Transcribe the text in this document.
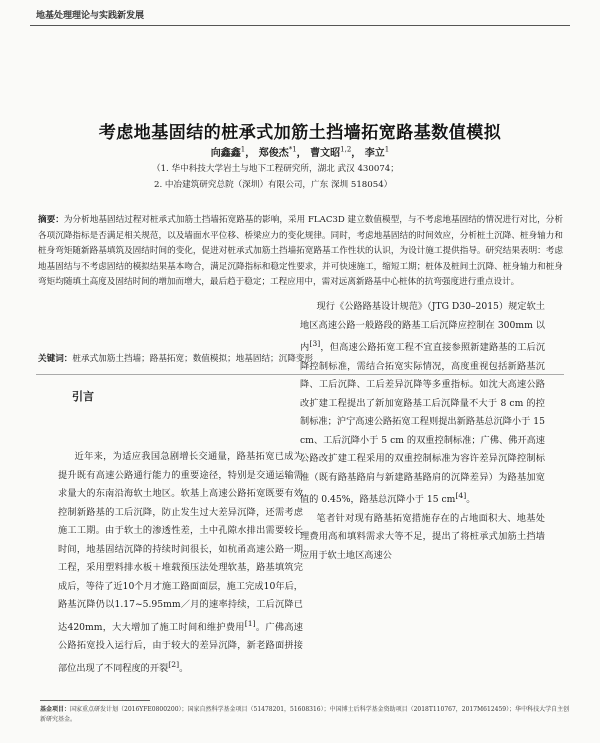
地基处理理论与实践新发展
考虑地基固结的桩承式加筋土挡墙拓宽路基数值模拟
向鑫鑫$^1$， 郑俊杰$^{*1}$， 曹文昭$^{1,2}$， 李立$^1$
（1. 华中科技大学岩土与地下工程研究所，湖北 武汉 430074；
2. 中冶建筑研究总院（深圳）有限公司，广东 深圳 518054）
摘要：为分析地基固结过程对桩承式加筋土挡墙拓宽路基的影响，采用 FLAC3D 建立数值模型，与不考虑地基固结的情况进行对比，分析各项沉降指标是否满足相关规范，以及墙面水平位移、桥梁应力的变化规律。同时，考虑地基固结的时间效应，分析桩土沉降、桩身轴力和桩身弯矩随新路基填筑及固结时间的变化，促进对桩承式加筋土挡墙拓宽路基工作性状的认识，为设计施工提供指导。研究结果表明：考虑地基固结与不考虑固结的模拟结果基本吻合，满足沉降指标和稳定性要求，并可快速施工，缩短工期；桩体及桩间土沉降、桩身轴力和桩身弯矩均随填土高度及固结时间的增加而增大，最后趋于稳定；工程应用中，需对远离新路基中心桩体的抗弯强度进行重点设计。
关键词：桩承式加筋土挡墙；路基拓宽；数值模拟；地基固结；沉降变形
引言

近年来，为适应我国急剧增长交通量，路基拓宽已成为提升既有高速公路通行能力的重要途径，特别是交通运输需求量大的东南沿海软土地区。软基上高速公路拓宽既要有效控制新路基的工后沉降，防止发生过大差异沉降，还需考虑施工工期。由于软土的渗透性差，土中孔隙水排出需要较长时间，地基固结沉降的持续时间很长，如杭甬高速公路一期工程，采用塑料排水板＋堆载预压法处理软基，路基填筑完成后，等待了近10个月才施工路面面层，施工完成10年后，路基沉降仍以1.17~5.95mm／月的速率持续，工后沉降已达420mm，大大增加了施工时间和维护费用[1]。广佛高速公路拓宽投入运行后，由于较大的差异沉降，新老路面拼接部位出现了不同程度的开裂[2]。

现行《公路路基设计规范》（JTG D30–2015）规定软土地区高速公路一般路段的路基工后沉降应控制在 300mm 以内[3]，但高速公路拓宽工程不宜直接参照新建路基的工后沉降控制标准，需结合拓宽实际情况，高度重视包括新路基沉降、工后沉降、工后差异沉降等多重指标。如沈大高速公路改扩建工程提出了新加宽路基工后沉降量不大于 8 cm 的控制标准；沪宁高速公路拓宽工程则提出新路基总沉降小于 15 cm、工后沉降小于 5 cm 的双重控制标准；广佛、佛开高速公路改扩建工程采用的双重控制标准为容许差异沉降控制标准（既有路基路肩与新建路基路肩的沉降差异）为路基加宽值的 0.45%，路基总沉降小于 15 cm[4]。

笔者针对现有路基拓宽措施存在的占地面积大、地基处理费用高和填料需求大等不足，提出了将桩承式加筋土挡墙应用于软土地区高速公

基金项目：国家重点研发计划（2016YFE0800200）；国家自然科学基金项目（51478201，51608316）；中国博士后科学基金资助项目（2018T110767，2017M612459）；华中科技大学自主创新研究基金。
